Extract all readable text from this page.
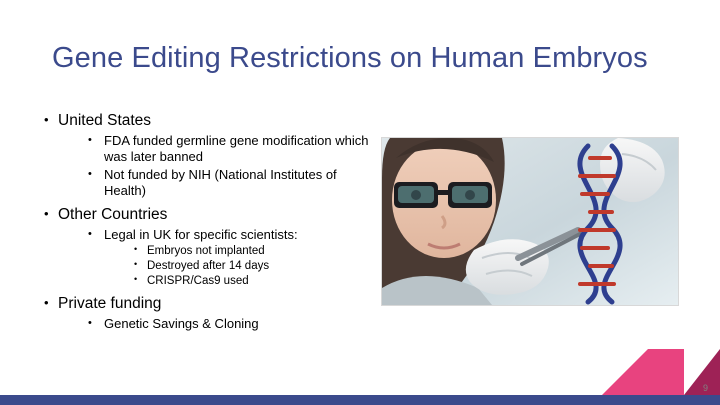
Gene Editing Restrictions on Human Embryos
• United States
• FDA funded germline gene modification which was later banned
• Not funded by NIH (National Institutes of Health)
• Other Countries
• Legal in UK for specific scientists:
• Embryos not implanted
• Destroyed after 14 days
• CRISPR/Cas9 used
• Private funding
• Genetic Savings & Cloning
9
